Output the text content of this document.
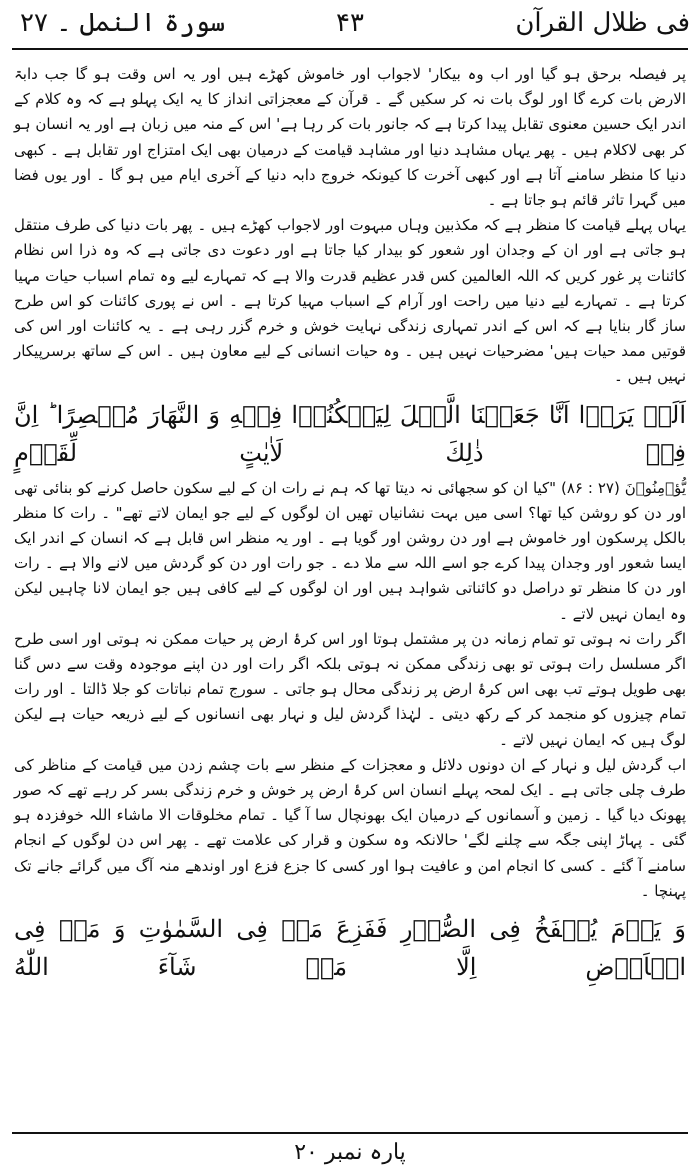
فی ظلال القرآن
۴۳
سورۃ النمل ۔ ۲۷

پر فیصلہ برحق ہو گیا اور اب وہ بیکار' لاجواب اور خاموش کھڑے ہیں اور یہ اس وقت ہو گا جب دابۃ الارض بات کرے گا اور لوگ بات نہ کر سکیں گے ۔ قرآن کے معجزاتی انداز کا یہ ایک پہلو ہے کہ وہ کلام کے اندر ایک حسین معنوی تقابل پیدا کرتا ہے کہ جانور بات کر رہا ہے' اس کے منہ میں زبان ہے اور یہ انسان ہو کر بھی لاکلام ہیں ۔ پھر یہاں مشاہد دنیا اور مشاہد قیامت کے درمیان بھی ایک امتزاج اور تقابل ہے ۔ کبھی دنیا کا منظر سامنے آتا ہے اور کبھی آخرت کا کیونکہ خروج دابہ دنیا کے آخری ایام میں ہو گا ۔ اور یوں فضا میں گہرا تاثر قائم ہو جاتا ہے ۔

یہاں پہلے قیامت کا منظر ہے کہ مکذبین وہاں مبہوت اور لاجواب کھڑے ہیں ۔ پھر بات دنیا کی طرف منتقل ہو جاتی ہے اور ان کے وجدان اور شعور کو بیدار کیا جاتا ہے اور دعوت دی جاتی ہے کہ وہ ذرا اس نظام کائنات پر غور کریں کہ اللہ العالمین کس قدر عظیم قدرت والا ہے کہ تمہارے لیے وہ تمام اسباب حیات مہیا کرتا ہے ۔ تمہارے لیے دنیا میں راحت اور آرام کے اسباب مہیا کرتا ہے ۔ اس نے پوری کائنات کو اس طرح ساز گار بنایا ہے کہ اس کے اندر تمہاری زندگی نہایت خوش و خرم گزر رہی ہے ۔ یہ کائنات اور اس کی قوتیں ممد حیات ہیں' مضرحیات نہیں ہیں ۔ وہ حیات انسانی کے لیے معاون ہیں ۔ اس کے ساتھ برسرپیکار نہیں ہیں ۔

اَلَمۡ یَرَوۡا اَنَّا جَعَلۡنَا الَّیۡلَ لِیَسۡکُنُوۡا فِیۡهِ وَ النَّهَارَ مُبۡصِرًا ؕ اِنَّ فِیۡ ذٰلِكَ لَاٰیٰتٍ لِّقَوۡمٍ

یُّؤۡمِنُوۡنَ (۲۷ : ۸۶) "کیا ان کو سجھائی نہ دیتا تھا کہ ہم نے رات ان کے لیے سکون حاصل کرنے کو بنائی تھی اور دن کو روشن کیا تھا؟ اسی میں بہت نشانیاں تھیں ان لوگوں کے لیے جو ایمان لاتے تھے" ۔ رات کا منظر بالکل پرسکون اور خاموش ہے اور دن روشن اور گویا ہے ۔ اور یہ منظر اس قابل ہے کہ انسان کے اندر ایک ایسا شعور اور وجدان پیدا کرے جو اسے اللہ سے ملا دے ۔ جو رات اور دن کو گردش میں لانے والا ہے ۔ رات اور دن کا منظر تو دراصل دو کائناتی شواہد ہیں اور ان لوگوں کے لیے کافی ہیں جو ایمان لانا چاہیں لیکن وہ ایمان نہیں لاتے ۔

اگر رات نہ ہوتی تو تمام زمانہ دن پر مشتمل ہوتا اور اس کرۂ ارض پر حیات ممکن نہ ہوتی اور اسی طرح اگر مسلسل رات ہوتی تو بھی زندگی ممکن نہ ہوتی بلکہ اگر رات اور دن اپنے موجودہ وقت سے دس گنا بھی طویل ہوتے تب بھی اس کرۂ ارض پر زندگی محال ہو جاتی ۔ سورج تمام نباتات کو جلا ڈالتا ۔ اور رات تمام چیزوں کو منجمد کر کے رکھ دیتی ۔ لہٰذا گردش لیل و نہار بھی انسانوں کے لیے ذریعہ حیات ہے لیکن لوگ ہیں کہ ایمان نہیں لاتے ۔

اب گردش لیل و نہار کے ان دونوں دلائل و معجزات کے منظر سے بات چشم زدن میں قیامت کے مناظر کی طرف چلی جاتی ہے ۔ ایک لمحہ پہلے انسان اس کرۂ ارض پر خوش و خرم زندگی بسر کر رہے تھے کہ صور پھونک دیا گیا ۔ زمین و آسمانوں کے درمیان ایک بھونچال سا آ گیا ۔ تمام مخلوقات الا ماشاء اللہ خوفزدہ ہو گئی ۔ پہاڑ اپنی جگہ سے چلنے لگے' حالانکہ وہ سکون و قرار کی علامت تھے ۔ پھر اس دن لوگوں کے انجام سامنے آ گئے ۔ کسی کا انجام امن و عافیت ہوا اور کسی کا جزع فزع اور اوندھے منہ آگ میں گرائے جانے تک پہنچا ۔

وَ یَوۡمَ یُنۡفَخُ فِی الصُّوۡرِ فَفَزِعَ مَنۡ فِی السَّمٰوٰتِ وَ مَنۡ فِی الۡاَرۡضِ اِلَّا مَنۡ شَآءَ اللّٰهُ
پارہ نمبر ۲۰
